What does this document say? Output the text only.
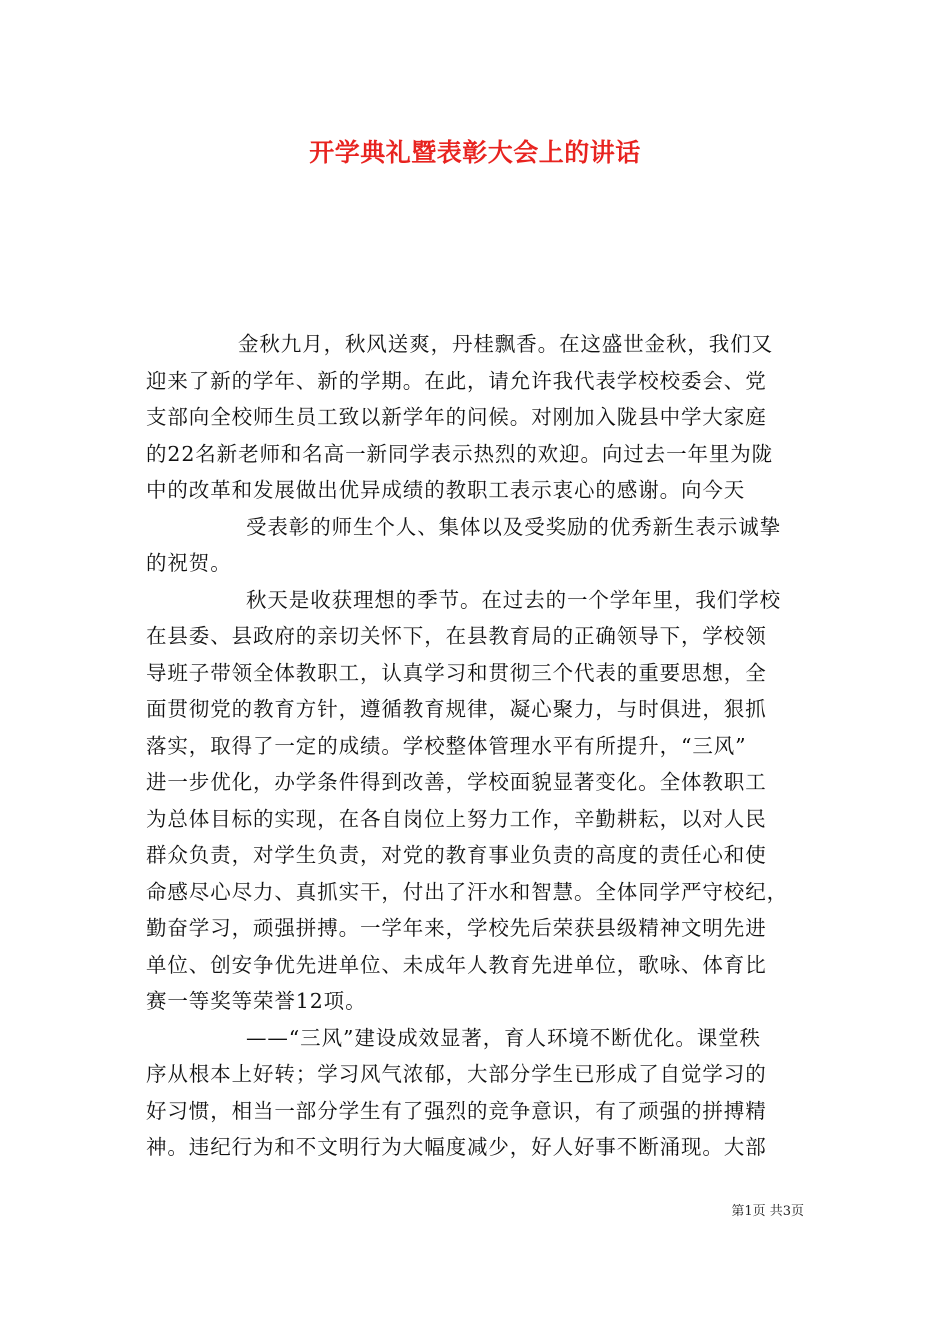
开学典礼暨表彰大会上的讲话
金秋九月，秋风送爽，丹桂飘香。在这盛世金秋，我们又
迎来了新的学年、新的学期。在此，请允许我代表学校校委会、党
支部向全校师生员工致以新学年的问候。对刚加入陇县中学大家庭
的22名新老师和名高一新同学表示热烈的欢迎。向过去一年里为陇
中的改革和发展做出优异成绩的教职工表示衷心的感谢。向今天
受表彰的师生个人、集体以及受奖励的优秀新生表示诚挚
的祝贺。
秋天是收获理想的季节。在过去的一个学年里，我们学校
在县委、县政府的亲切关怀下，在县教育局的正确领导下，学校领
导班子带领全体教职工，认真学习和贯彻三个代表的重要思想，全
面贯彻党的教育方针，遵循教育规律，凝心聚力，与时俱进，狠抓
落实，取得了一定的成绩。学校整体管理水平有所提升，“三风”
进一步优化，办学条件得到改善，学校面貌显著变化。全体教职工
为总体目标的实现，在各自岗位上努力工作，辛勤耕耘，以对人民
群众负责，对学生负责，对党的教育事业负责的高度的责任心和使
命感尽心尽力、真抓实干，付出了汗水和智慧。全体同学严守校纪，
勤奋学习，顽强拼搏。一学年来，学校先后荣获县级精神文明先进
单位、创安争优先进单位、未成年人教育先进单位，歌咏、体育比
赛一等奖等荣誉12项。
——“三风”建设成效显著，育人环境不断优化。课堂秩
序从根本上好转；学习风气浓郁，大部分学生已形成了自觉学习的
好习惯，相当一部分学生有了强烈的竞争意识，有了顽强的拼搏精
神。违纪行为和不文明行为大幅度减少，好人好事不断涌现。大部
第1页 共3页
